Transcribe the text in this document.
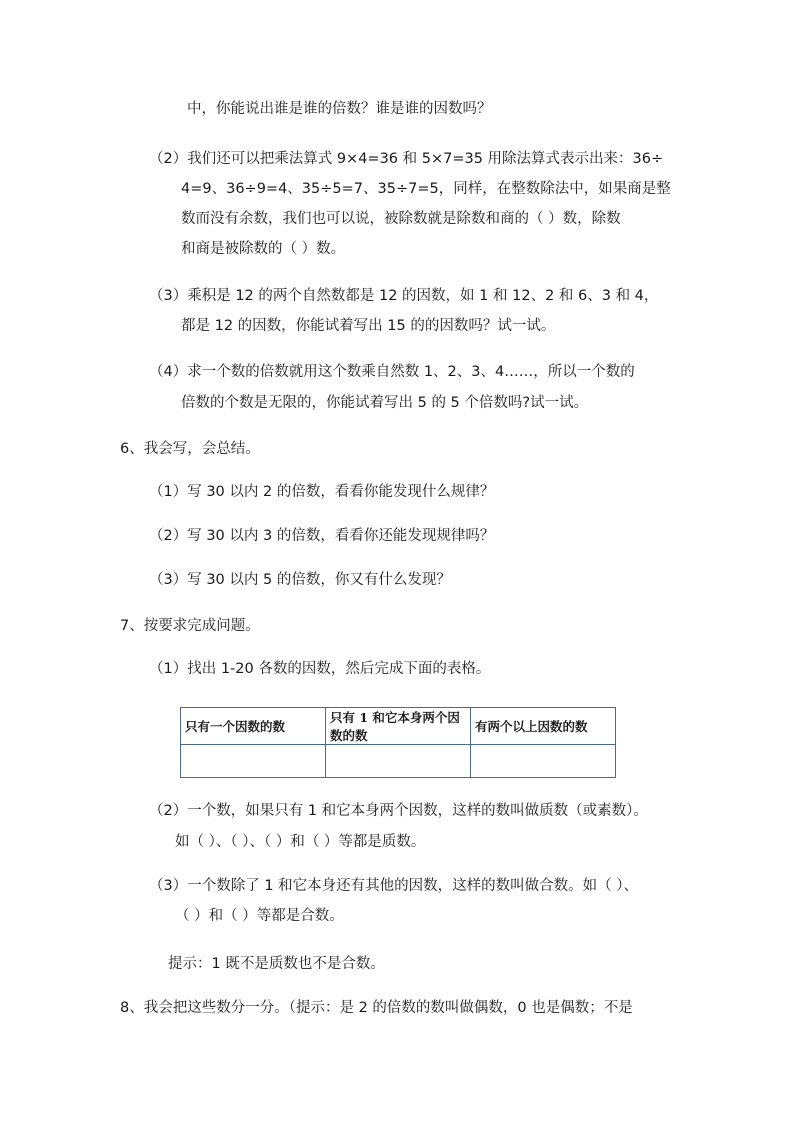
中，你能说出谁是谁的倍数？谁是谁的因数吗？
（2）我们还可以把乘法算式 9×4=36 和 5×7=35 用除法算式表示出来：36÷
4=9、36÷9=4、35÷5=7、35÷7=5，同样，在整数除法中，如果商是整
数而没有余数，我们也可以说，被除数就是除数和商的（ ）数，除数
和商是被除数的（ ）数。
（3）乘积是 12 的两个自然数都是 12 的因数，如 1 和 12、2 和 6、3 和 4，
都是 12 的因数，你能试着写出 15 的的因数吗？试一试。
（4）求一个数的倍数就用这个数乘自然数 1、2、3、4……，所以一个数的
倍数的个数是无限的，你能试着写出 5 的 5 个倍数吗?试一试。
6、我会写，会总结。
（1）写 30 以内 2 的倍数，看看你能发现什么规律？
（2）写 30 以内 3 的倍数，看看你还能发现规律吗？
（3）写 30 以内 5 的倍数，你又有什么发现？
7、按要求完成问题。
（1）找出 1-20 各数的因数，然后完成下面的表格。
只有一个因数的数	只有 1 和它本身两个因数的数	有两个以上因数的数

（2）一个数，如果只有 1 和它本身两个因数，这样的数叫做质数（或素数）。
如（ ）、（ ）、（ ）和（ ）等都是质数。
（3）一个数除了 1 和它本身还有其他的因数，这样的数叫做合数。如（ ）、
（ ）和（ ）等都是合数。
提示：1 既不是质数也不是合数。
8、我会把这些数分一分。（提示：是 2 的倍数的数叫做偶数，0 也是偶数；不是
